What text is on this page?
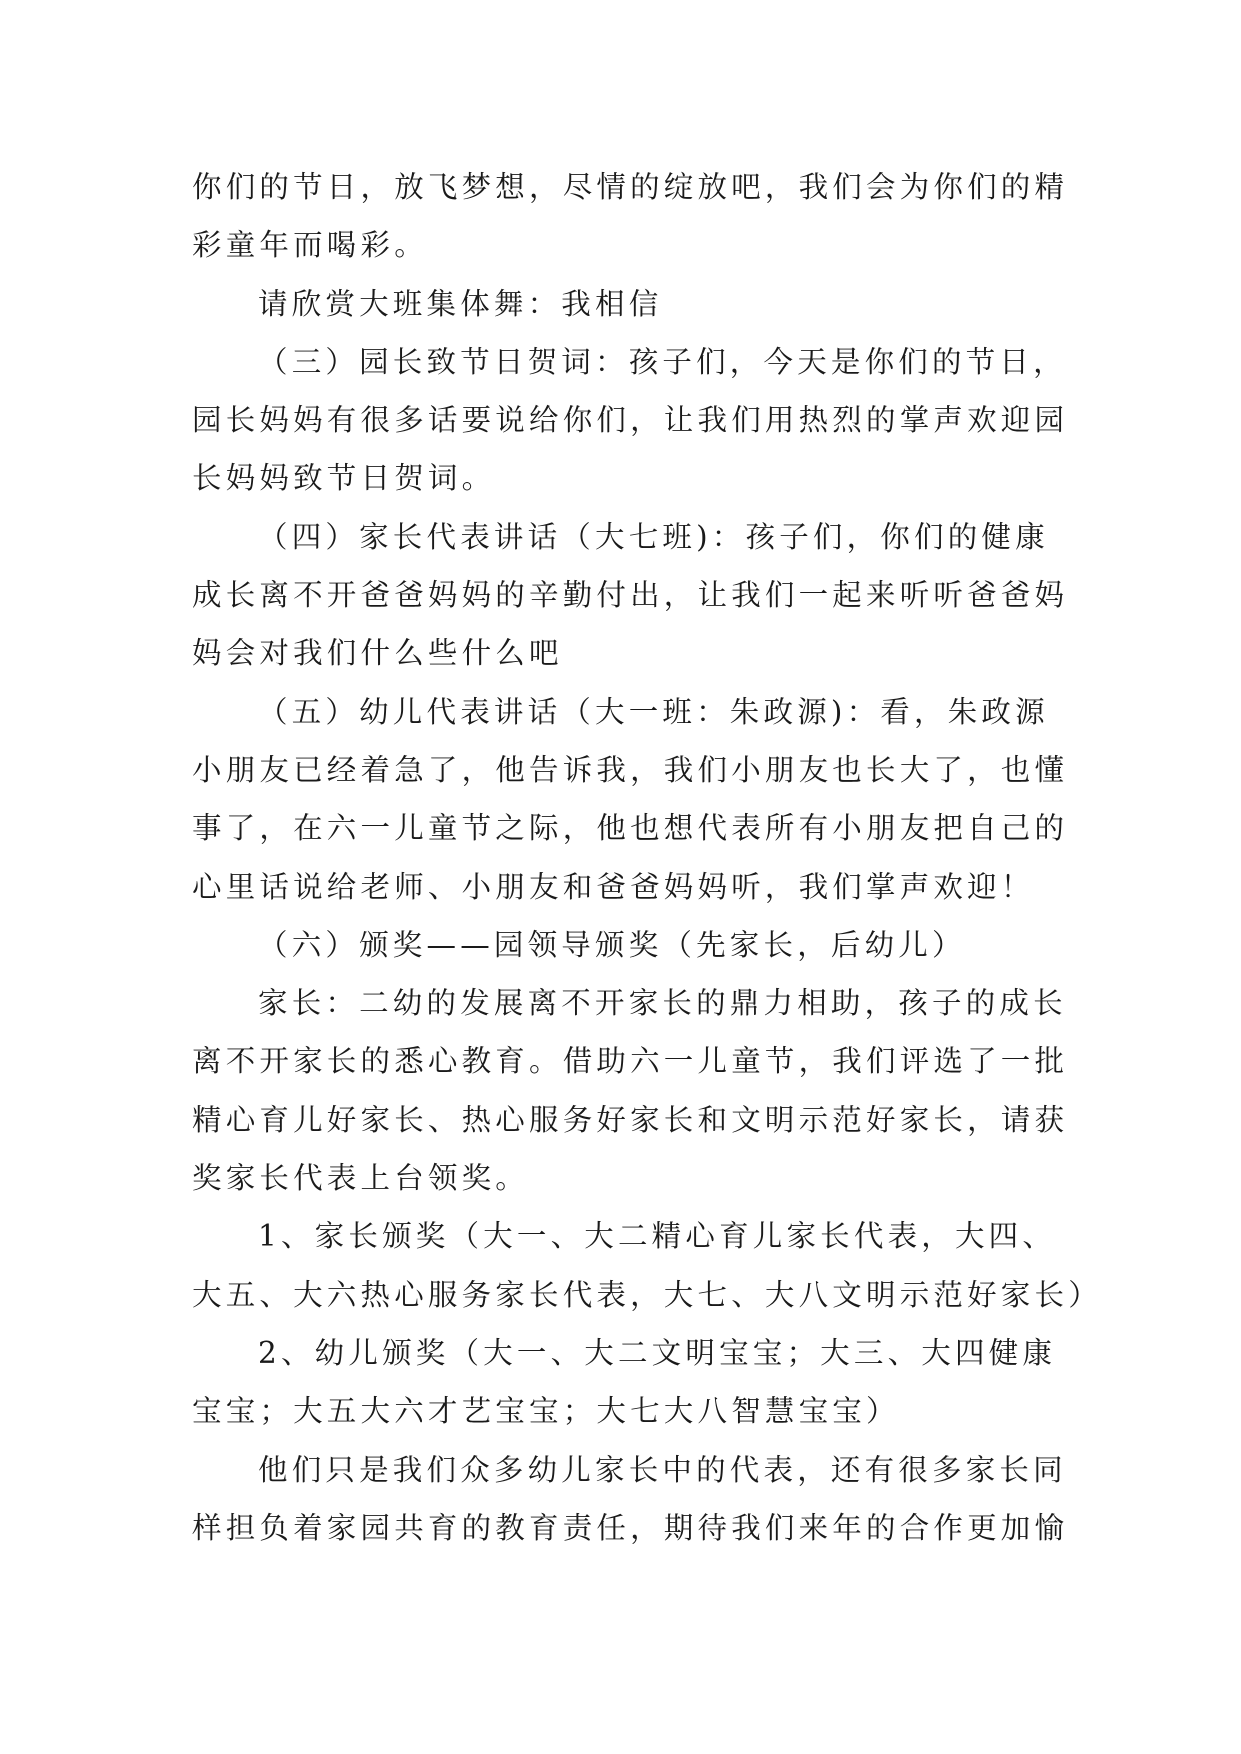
你们的节日，放飞梦想，尽情的绽放吧，我们会为你们的精
彩童年而喝彩。
请欣赏大班集体舞：我相信
（三）园长致节日贺词：孩子们，今天是你们的节日，
园长妈妈有很多话要说给你们，让我们用热烈的掌声欢迎园
长妈妈致节日贺词。
（四）家长代表讲话（大七班)：孩子们，你们的健康
成长离不开爸爸妈妈的辛勤付出，让我们一起来听听爸爸妈
妈会对我们什么些什么吧
（五）幼儿代表讲话（大一班：朱政源)：看，朱政源
小朋友已经着急了，他告诉我，我们小朋友也长大了，也懂
事了，在六一儿童节之际，他也想代表所有小朋友把自己的
心里话说给老师、小朋友和爸爸妈妈听，我们掌声欢迎！
（六）颁奖——园领导颁奖（先家长，后幼儿）
家长：二幼的发展离不开家长的鼎力相助，孩子的成长
离不开家长的悉心教育。借助六一儿童节，我们评选了一批
精心育儿好家长、热心服务好家长和文明示范好家长，请获
奖家长代表上台领奖。
1、家长颁奖（大一、大二精心育儿家长代表，大四、
大五、大六热心服务家长代表，大七、大八文明示范好家长）
2、幼儿颁奖（大一、大二文明宝宝；大三、大四健康
宝宝；大五大六才艺宝宝；大七大八智慧宝宝）
他们只是我们众多幼儿家长中的代表，还有很多家长同
样担负着家园共育的教育责任，期待我们来年的合作更加愉
